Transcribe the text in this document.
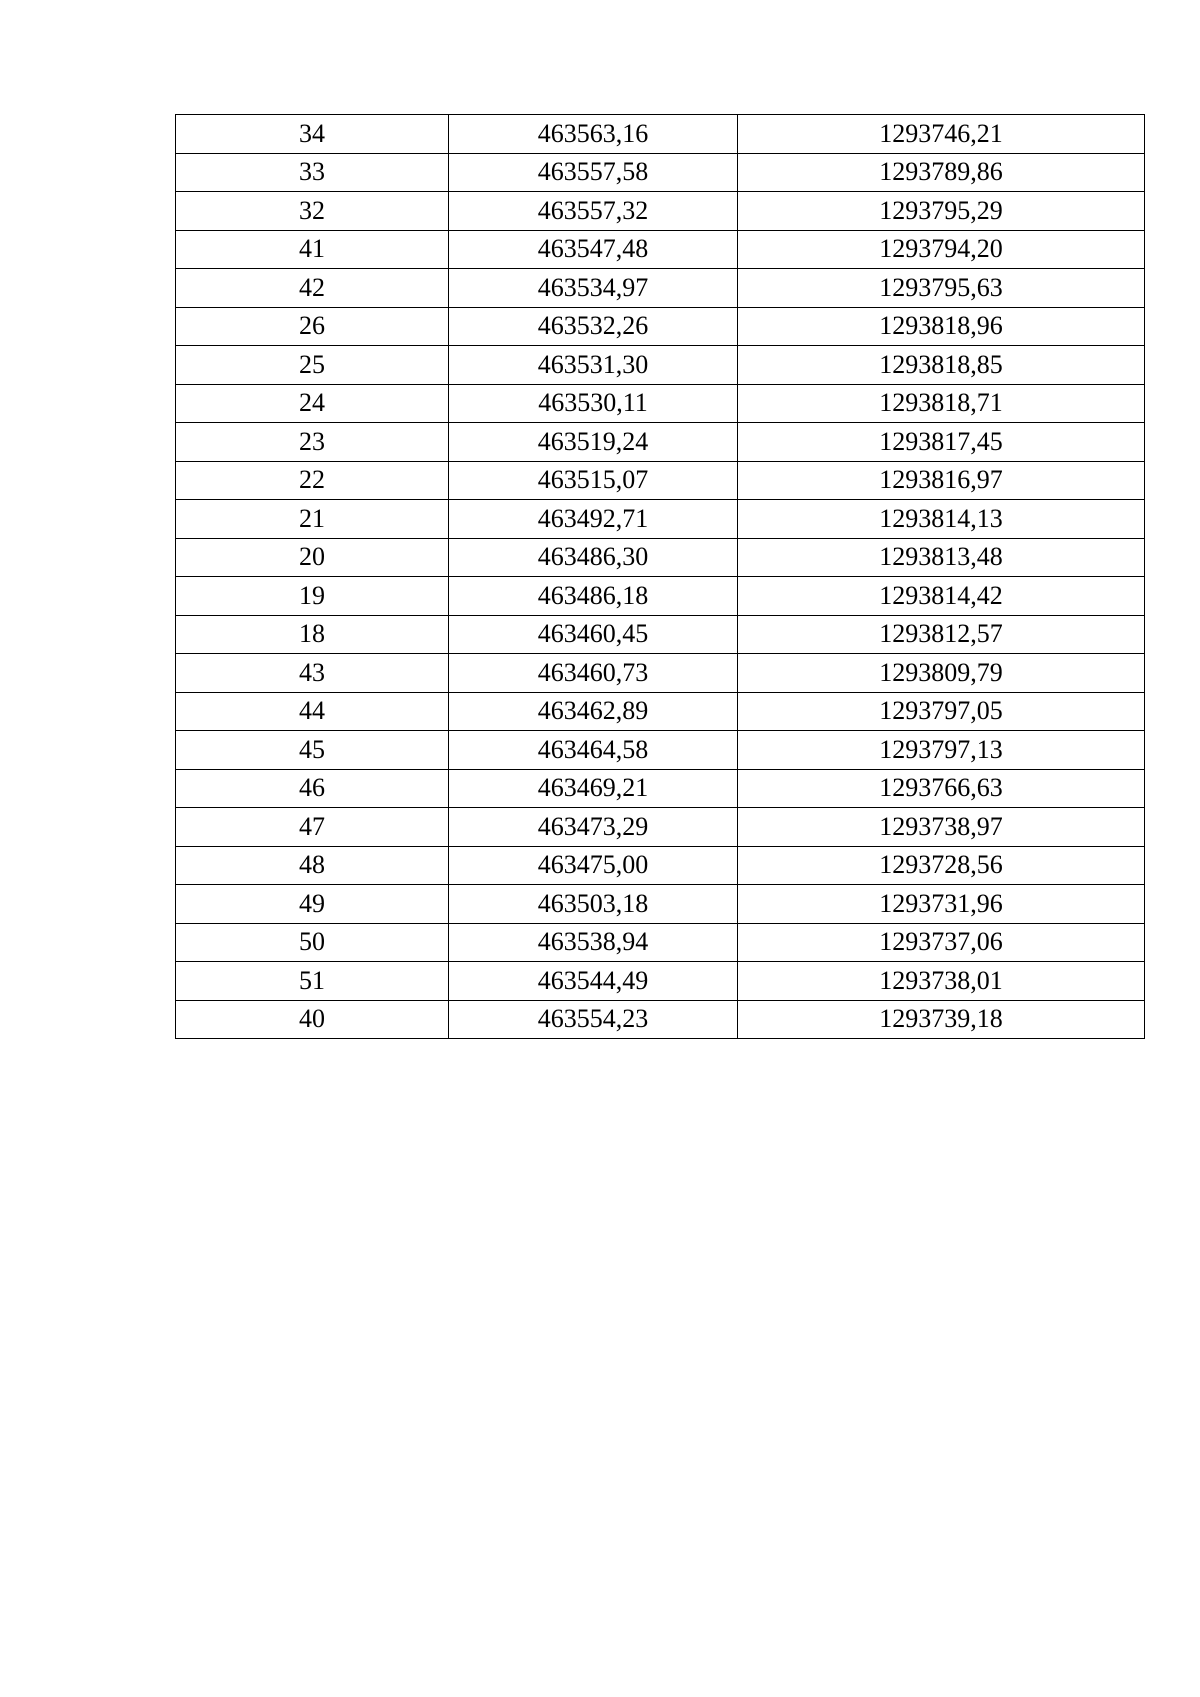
34	463563,16	1293746,21
33	463557,58	1293789,86
32	463557,32	1293795,29
41	463547,48	1293794,20
42	463534,97	1293795,63
26	463532,26	1293818,96
25	463531,30	1293818,85
24	463530,11	1293818,71
23	463519,24	1293817,45
22	463515,07	1293816,97
21	463492,71	1293814,13
20	463486,30	1293813,48
19	463486,18	1293814,42
18	463460,45	1293812,57
43	463460,73	1293809,79
44	463462,89	1293797,05
45	463464,58	1293797,13
46	463469,21	1293766,63
47	463473,29	1293738,97
48	463475,00	1293728,56
49	463503,18	1293731,96
50	463538,94	1293737,06
51	463544,49	1293738,01
40	463554,23	1293739,18
